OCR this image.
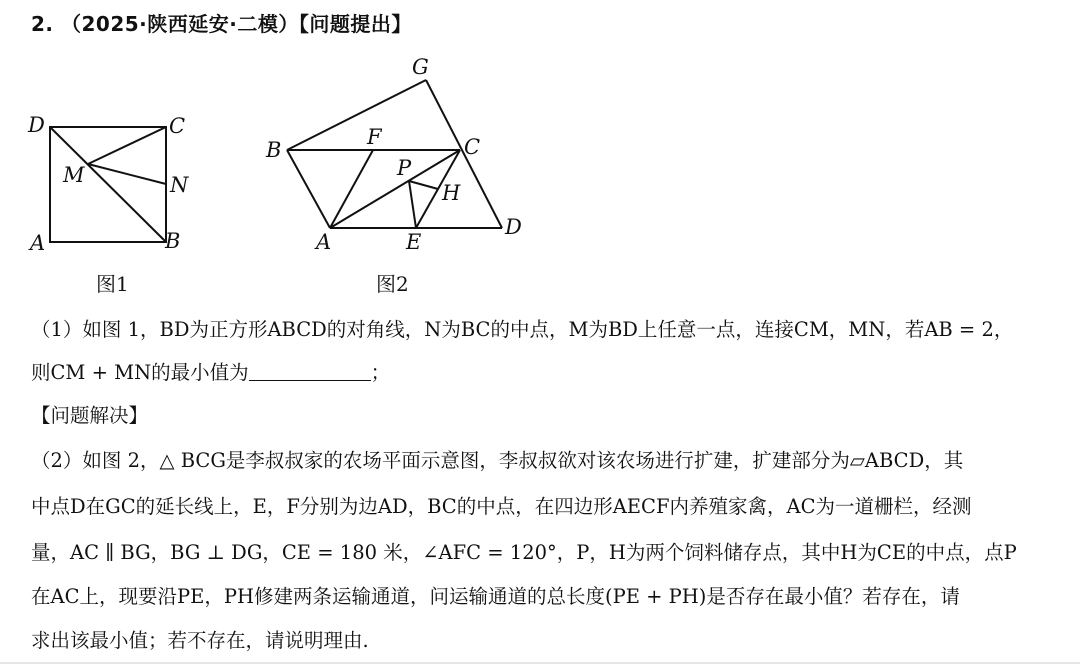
2. （2025·陕西延安·二模）【问题提出】
D	C
M	N
A	B
G
B
F	C
P
H
A	E
D
图1	图2
（1）如图 1，BD为正方形ABCD的对角线，N为BC的中点，M为BD上任意一点，连接CM，MN，若AB = 2，
则CM + MN的最小值为	；
【问题解决】
（2）如图 2，△ BCG是李叔叔家的农场平面示意图，李叔叔欲对该农场进行扩建，扩建部分为▱ABCD，其
中点D在GC的延长线上，E，F分别为边AD，BC的中点，在四边形AECF内养殖家禽，AC为一道栅栏，经测
量，AC ∥ BG，BG ⊥ DG，CE = 180 米，∠AFC = 120°，P，H为两个饲料储存点，其中H为CE的中点，点P
在AC上，现要沿PE，PH修建两条运输通道，问运输通道的总长度(PE + PH)是否存在最小值？若存在，请
求出该最小值；若不存在，请说明理由.
